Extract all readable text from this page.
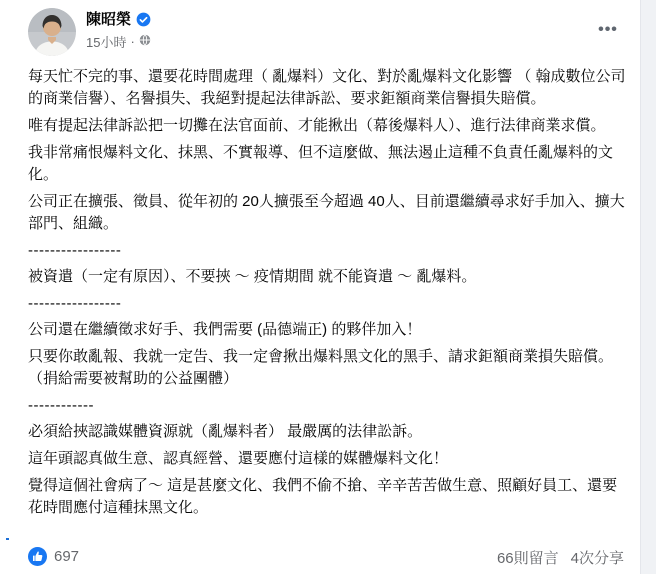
陳昭榮
15小時 ·
•••

每天忙不完的事、還要花時間處理（ 亂爆料）文化、對於亂爆料文化影響 （ 翰成數位公司的商業信譽）、名譽損失、我絕對提起法律訴訟、要求鉅額商業信譽損失賠償。

唯有提起法律訴訟把一切攤在法官面前、才能揪出（幕後爆料人）、進行法律商業求償。

我非常痛恨爆料文化、抹黑、不實報導、但不這麼做、無法遏止這種不負責任亂爆料的文化。

公司正在擴張、徵員、從年初的 20人擴張至今超過 40人、目前還繼續尋求好手加入、擴大部門、組織。

-----------------

被資遣（一定有原因）、不要挾 ～ 疫情期間 就不能資遣 ～ 亂爆料。

-----------------

公司還在繼續徵求好手、我們需要 (品德端正) 的夥伴加入！

只要你敢亂報、我就一定告、我一定會揪出爆料黑文化的黑手、請求鉅額商業損失賠償。（捐給需要被幫助的公益團體）

------------

必須給挾認識媒體資源就（亂爆料者） 最嚴厲的法律訟訴。

這年頭認真做生意、認真經營、還要應付這樣的媒體爆料文化！

覺得這個社會病了～ 這是甚麼文化、我們不偷不搶、辛辛苦苦做生意、照顧好員工、還要花時間應付這種抹黑文化。

697	66則留言 4次分享
